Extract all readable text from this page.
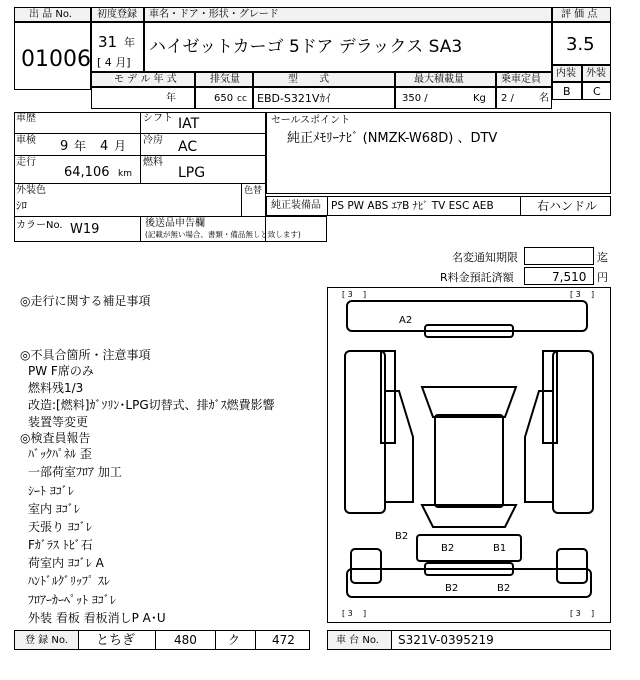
出 品 No.
01006
初度登録
31 年
[ 4 月]
車名・ドア・形状・グレード
ハイゼットカーゴ 5ドア デラックス SA3
評 価 点
3.5
内装 外装
B C
モ デ ル 年 式
年
排気量
650 cc
型 式
EBD-S321Vｶｲ
最大積載量
350 /	Kg
乗車定員
2 /	名
車歴	シフト IAT
車検 9 年 4 月 冷房 AC
走行
64,106 km
燃料
LPG
外装色
ｼﾛ
色替
カラーNo. W19	後送品申告欄
(記載が無い場合、書類・備品無しと致します)
セールスポイント
純正ﾒﾓﾘｰﾅﾋﾞ (NMZK-W68D) 、DTV
純正装備品 PS PW ABS ｴｱB ﾅﾋﾞ TV ESC AEB	右ハンドル
名変通知期限	迄
R料金預託済額	7,510 円
◎走行に関する補足事項
◎不具合箇所・注意事項
PW F席のみ
燃料残1/3
改造:[燃料]ｶﾞｿﾘﾝ･LPG切替式、排ｶﾞｽ燃費影響
装置等変更
◎検査員報告
ﾊﾞｯｸﾊﾟﾈﾙ 歪
一部荷室ﾌﾛｱ 加工
ｼｰﾄ ﾖｺﾞﾚ
室内 ﾖｺﾞﾚ
天張り ﾖｺﾞﾚ
Fｶﾞﾗｽ ﾄﾋﾞ石
荷室内 ﾖｺﾞﾚ A
ﾊﾝﾄﾞﾙｸﾞﾘｯﾌﾟ ｽﾚ
ﾌﾛｱｰｶｰﾍﾟｯﾄ ﾖｺﾞﾚ
外装 看板 看板消しP A･U
[ 3 ]	[ 3 ]
[ 3 ]	[ 3 ]
A2
B2
B2	B1
B2	B2
登 録 No. とちぎ	480	ク	472	車 台 No. S321V-0395219
